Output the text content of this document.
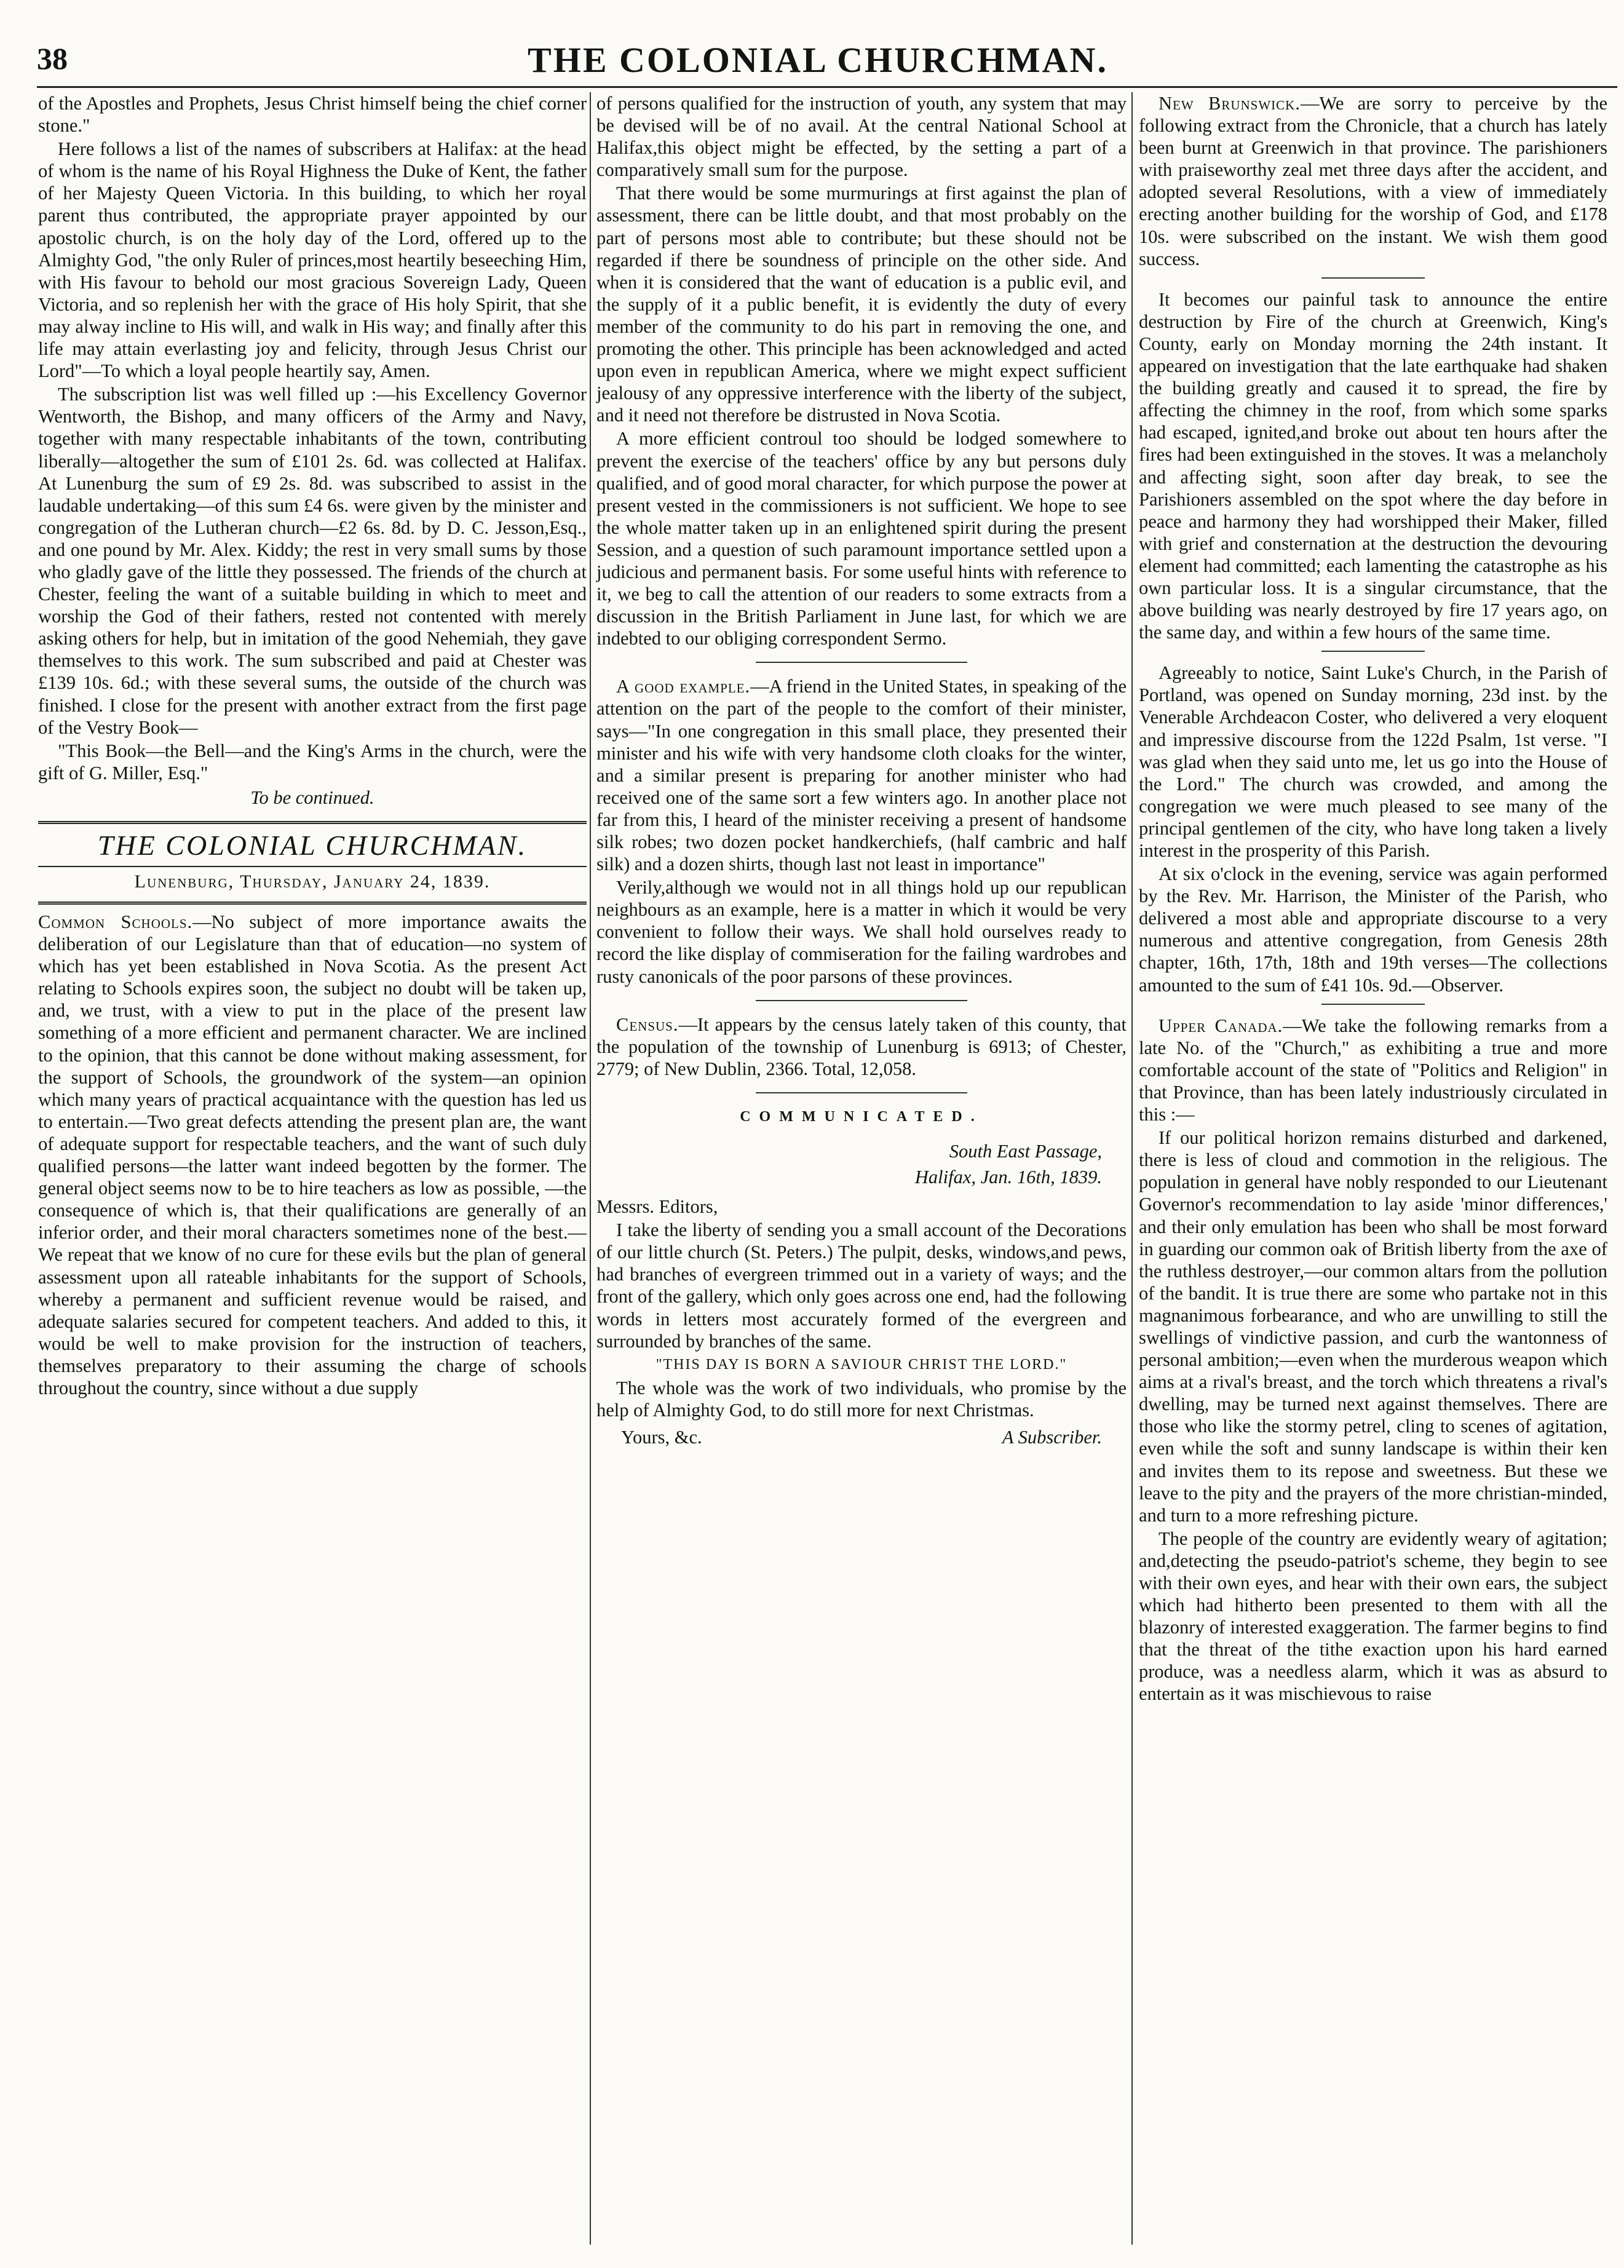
38	THE COLONIAL CHURCHMAN.

of the Apostles and Prophets, Jesus Christ himself being the chief corner stone."

Here follows a list of the names of subscribers at Halifax: at the head of whom is the name of his Royal Highness the Duke of Kent, the father of her Majesty Queen Victoria. In this building, to which her royal parent thus contributed, the appropriate prayer appointed by our apostolic church, is on the holy day of the Lord, offered up to the Almighty God, "the only Ruler of princes,most heartily beseeching Him, with His favour to behold our most gracious Sovereign Lady, Queen Victoria, and so replenish her with the grace of His holy Spirit, that she may alway incline to His will, and walk in His way; and finally after this life may attain everlasting joy and felicity, through Jesus Christ our Lord"—To which a loyal people heartily say, Amen.

The subscription list was well filled up :—his Excellency Governor Wentworth, the Bishop, and many officers of the Army and Navy, together with many respectable inhabitants of the town, contributing liberally—altogether the sum of £101 2s. 6d. was collected at Halifax. At Lunenburg the sum of £9 2s. 8d. was subscribed to assist in the laudable undertaking—of this sum £4 6s. were given by the minister and congregation of the Lutheran church—£2 6s. 8d. by D. C. Jesson,Esq., and one pound by Mr. Alex. Kiddy; the rest in very small sums by those who gladly gave of the little they possessed. The friends of the church at Chester, feeling the want of a suitable building in which to meet and worship the God of their fathers, rested not contented with merely asking others for help, but in imitation of the good Nehemiah, they gave themselves to this work. The sum subscribed and paid at Chester was £139 10s. 6d.; with these several sums, the outside of the church was finished. I close for the present with another extract from the first page of the Vestry Book—

"This Book—the Bell—and the King's Arms in the church, were the gift of G. Miller, Esq."

To be continued.

THE COLONIAL CHURCHMAN.
Lunenburg, Thursday, January 24, 1839.

Common Schools.—No subject of more importance awaits the deliberation of our Legislature than that of education—no system of which has yet been established in Nova Scotia. As the present Act relating to Schools expires soon, the subject no doubt will be taken up, and, we trust, with a view to put in the place of the present law something of a more efficient and permanent character. We are inclined to the opinion, that this cannot be done without making assessment, for the support of Schools, the groundwork of the system—an opinion which many years of practical acquaintance with the question has led us to entertain.—Two great defects attending the present plan are, the want of adequate support for respectable teachers, and the want of such duly qualified persons—the latter want indeed begotten by the former. The general object seems now to be to hire teachers as low as possible, —the consequence of which is, that their qualifications are generally of an inferior order, and their moral characters sometimes none of the best.—We repeat that we know of no cure for these evils but the plan of general assessment upon all rateable inhabitants for the support of Schools, whereby a permanent and sufficient revenue would be raised, and adequate salaries secured for competent teachers. And added to this, it would be well to make provision for the instruction of teachers, themselves preparatory to their assuming the charge of schools throughout the country, since without a due supply

of persons qualified for the instruction of youth, any system that may be devised will be of no avail. At the central National School at Halifax,this object might be effected, by the setting a part of a comparatively small sum for the purpose.

That there would be some murmurings at first against the plan of assessment, there can be little doubt, and that most probably on the part of persons most able to contribute; but these should not be regarded if there be soundness of principle on the other side. And when it is considered that the want of education is a public evil, and the supply of it a public benefit, it is evidently the duty of every member of the community to do his part in removing the one, and promoting the other. This principle has been acknowledged and acted upon even in republican America, where we might expect sufficient jealousy of any oppressive interference with the liberty of the subject, and it need not therefore be distrusted in Nova Scotia.

A more efficient controul too should be lodged somewhere to prevent the exercise of the teachers' office by any but persons duly qualified, and of good moral character, for which purpose the power at present vested in the commissioners is not sufficient. We hope to see the whole matter taken up in an enlightened spirit during the present Session, and a question of such paramount importance settled upon a judicious and permanent basis. For some useful hints with reference to it, we beg to call the attention of our readers to some extracts from a discussion in the British Parliament in June last, for which we are indebted to our obliging correspondent Sermo.

A good example.—A friend in the United States, in speaking of the attention on the part of the people to the comfort of their minister, says—"In one congregation in this small place, they presented their minister and his wife with very handsome cloth cloaks for the winter, and a similar present is preparing for another minister who had received one of the same sort a few winters ago. In another place not far from this, I heard of the minister receiving a present of handsome silk robes; two dozen pocket handkerchiefs, (half cambric and half silk) and a dozen shirts, though last not least in importance"

Verily,although we would not in all things hold up our republican neighbours as an example, here is a matter in which it would be very convenient to follow their ways. We shall hold ourselves ready to record the like display of commiseration for the failing wardrobes and rusty canonicals of the poor parsons of these provinces.

Census.—It appears by the census lately taken of this county, that the population of the township of Lunenburg is 6913; of Chester, 2779; of New Dublin, 2366. Total, 12,058.

COMMUNICATED.

South East Passage,

Halifax, Jan. 16th, 1839.

Messrs. Editors,

I take the liberty of sending you a small account of the Decorations of our little church (St. Peters.) The pulpit, desks, windows,and pews, had branches of evergreen trimmed out in a variety of ways; and the front of the gallery, which only goes across one end, had the following words in letters most accurately formed of the evergreen and surrounded by branches of the same.

"THIS DAY IS BORN A SAVIOUR CHRIST THE LORD."

The whole was the work of two individuals, who promise by the help of Almighty God, to do still more for next Christmas.

Yours, &c.	A Subscriber.

New Brunswick.—We are sorry to perceive by the following extract from the Chronicle, that a church has lately been burnt at Greenwich in that province. The parishioners with praiseworthy zeal met three days after the accident, and adopted several Resolutions, with a view of immediately erecting another building for the worship of God, and £178 10s. were subscribed on the instant. We wish them good success.

It becomes our painful task to announce the entire destruction by Fire of the church at Greenwich, King's County, early on Monday morning the 24th instant. It appeared on investigation that the late earthquake had shaken the building greatly and caused it to spread, the fire by affecting the chimney in the roof, from which some sparks had escaped, ignited,and broke out about ten hours after the fires had been extinguished in the stoves. It was a melancholy and affecting sight, soon after day break, to see the Parishioners assembled on the spot where the day before in peace and harmony they had worshipped their Maker, filled with grief and consternation at the destruction the devouring element had committed; each lamenting the catastrophe as his own particular loss. It is a singular circumstance, that the above building was nearly destroyed by fire 17 years ago, on the same day, and within a few hours of the same time.

Agreeably to notice, Saint Luke's Church, in the Parish of Portland, was opened on Sunday morning, 23d inst. by the Venerable Archdeacon Coster, who delivered a very eloquent and impressive discourse from the 122d Psalm, 1st verse. "I was glad when they said unto me, let us go into the House of the Lord." The church was crowded, and among the congregation we were much pleased to see many of the principal gentlemen of the city, who have long taken a lively interest in the prosperity of this Parish.

At six o'clock in the evening, service was again performed by the Rev. Mr. Harrison, the Minister of the Parish, who delivered a most able and appropriate discourse to a very numerous and attentive congregation, from Genesis 28th chapter, 16th, 17th, 18th and 19th verses—The collections amounted to the sum of £41 10s. 9d.—Observer.

Upper Canada.—We take the following remarks from a late No. of the "Church," as exhibiting a true and more comfortable account of the state of "Politics and Religion" in that Province, than has been lately industriously circulated in this :—

If our political horizon remains disturbed and darkened, there is less of cloud and commotion in the religious. The population in general have nobly responded to our Lieutenant Governor's recommendation to lay aside 'minor differences,' and their only emulation has been who shall be most forward in guarding our common oak of British liberty from the axe of the ruthless destroyer,—our common altars from the pollution of the bandit. It is true there are some who partake not in this magnanimous forbearance, and who are unwilling to still the swellings of vindictive passion, and curb the wantonness of personal ambition;—even when the murderous weapon which aims at a rival's breast, and the torch which threatens a rival's dwelling, may be turned next against themselves. There are those who like the stormy petrel, cling to scenes of agitation, even while the soft and sunny landscape is within their ken and invites them to its repose and sweetness. But these we leave to the pity and the prayers of the more christian-minded, and turn to a more refreshing picture.

The people of the country are evidently weary of agitation; and,detecting the pseudo-patriot's scheme, they begin to see with their own eyes, and hear with their own ears, the subject which had hitherto been presented to them with all the blazonry of interested exaggeration. The farmer begins to find that the threat of the tithe exaction upon his hard earned produce, was a needless alarm, which it was as absurd to entertain as it was mischievous to raise
